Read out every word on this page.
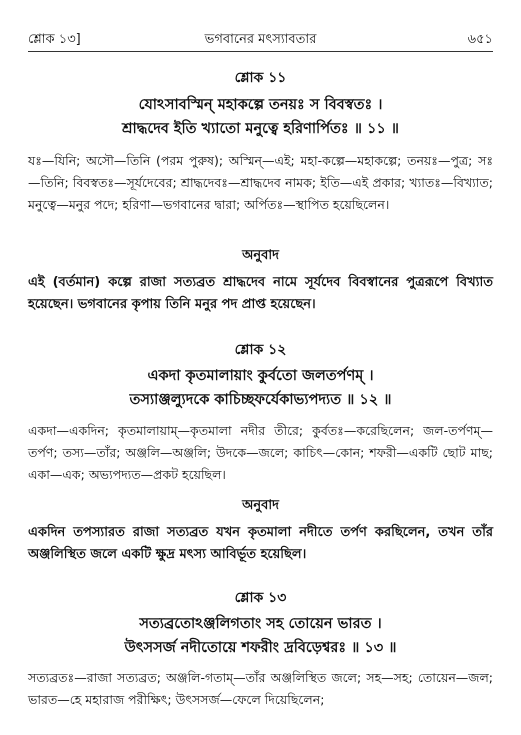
শ্লোক ১৩]	ভগবানের মৎস্যাবতার	৬৫১
শ্লোক ১১
যোঽসাবস্মিন্ মহাকল্পে তনয়ঃ স বিবস্বতঃ ।
শ্রাদ্ধদেব ইতি খ্যাতো মনুত্বে হরিণার্পিতঃ ॥ ১১ ॥
যঃ—যিনি; অসৌ—তিনি (পরম পুরুষ); অস্মিন্—এই; মহা-কল্পে—মহাকল্পে; তনয়ঃ—পুত্র; সঃ—তিনি; বিবস্বতঃ—সূর্যদেবের; শ্রাদ্ধদেবঃ—শ্রাদ্ধদেব নামক; ইতি—এই প্রকার; খ্যাতঃ—বিখ্যাত; মনুত্বে—মনুর পদে; হরিণা—ভগবানের দ্বারা; অর্পিতঃ—স্থাপিত হয়েছিলেন।
অনুবাদ
এই (বর্তমান) কল্পে রাজা সত্যব্রত শ্রাদ্ধদেব নামে সূর্যদেব বিবস্বানের পুত্ররূপে বিখ্যাত হয়েছেন। ভগবানের কৃপায় তিনি মনুর পদ প্রাপ্ত হয়েছেন।
শ্লোক ১২
একদা কৃতমালায়াং কুর্বতো জলতর্পণম্ ।
তস্যাঞ্জল্যুদকে কাচিচ্ছফর্যেকাভ্যপদ্যত ॥ ১২ ॥
একদা—একদিন; কৃতমালায়াম্—কৃতমালা নদীর তীরে; কুর্বতঃ—করেছিলেন; জল-তর্পণম্—তর্পণ; তস্য—তাঁর; অঞ্জলি—অঞ্জলি; উদকে—জলে; কাচিৎ—কোন; শফরী—একটি ছোট মাছ; একা—এক; অভ্যপদ্যত—প্রকট হয়েছিল।
অনুবাদ
একদিন তপস্যারত রাজা সত্যব্রত যখন কৃতমালা নদীতে তর্পণ করছিলেন, তখন তাঁর অঞ্জলিস্থিত জলে একটি ক্ষুদ্র মৎস্য আবির্ভূত হয়েছিল।
শ্লোক ১৩
সত্যব্রতোঽঞ্জলিগতাং সহ তোয়েন ভারত ।
উৎসসর্জ নদীতোয়ে শফরীং দ্রবিড়েশ্বরঃ ॥ ১৩ ॥
সত্যব্রতঃ—রাজা সত্যব্রত; অঞ্জলি-গতাম্—তাঁর অঞ্জলিস্থিত জলে; সহ—সহ; তোয়েন—জল; ভারত—হে মহারাজ পরীক্ষিৎ; উৎসসর্জ—ফেলে দিয়েছিলেন;
